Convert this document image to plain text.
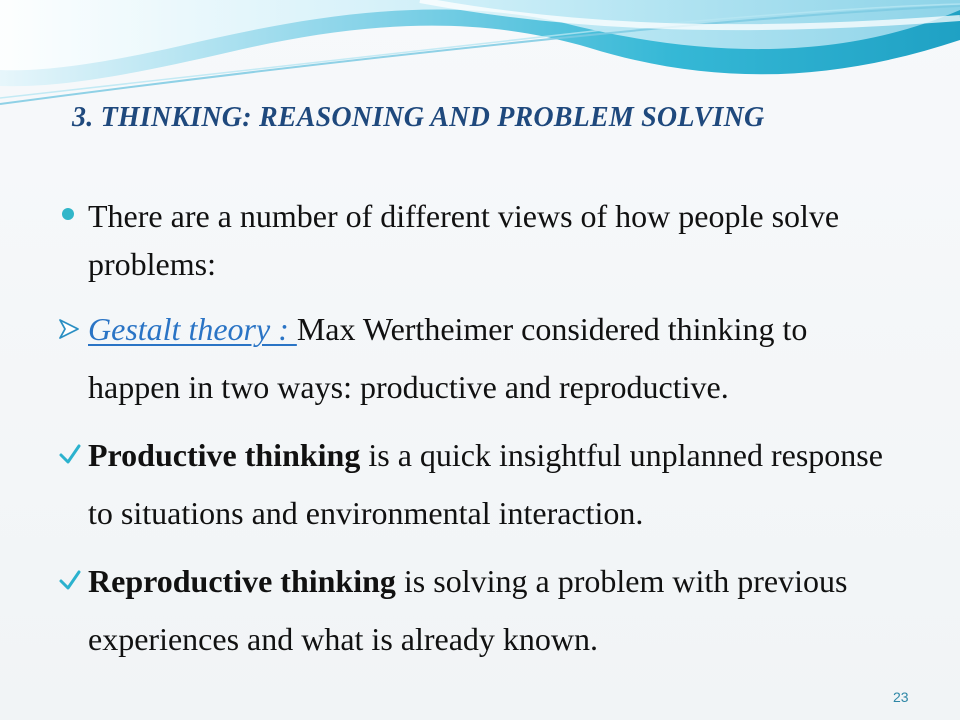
3. THINKING: REASONING AND PROBLEM SOLVING

There are a number of different views of how people solve problems:

Gestalt theory : Max Wertheimer considered thinking to happen in two ways: productive and reproductive.

Productive thinking is a quick insightful unplanned response to situations and environmental interaction.

Reproductive thinking is solving a problem with previous experiences and what is already known.

23
